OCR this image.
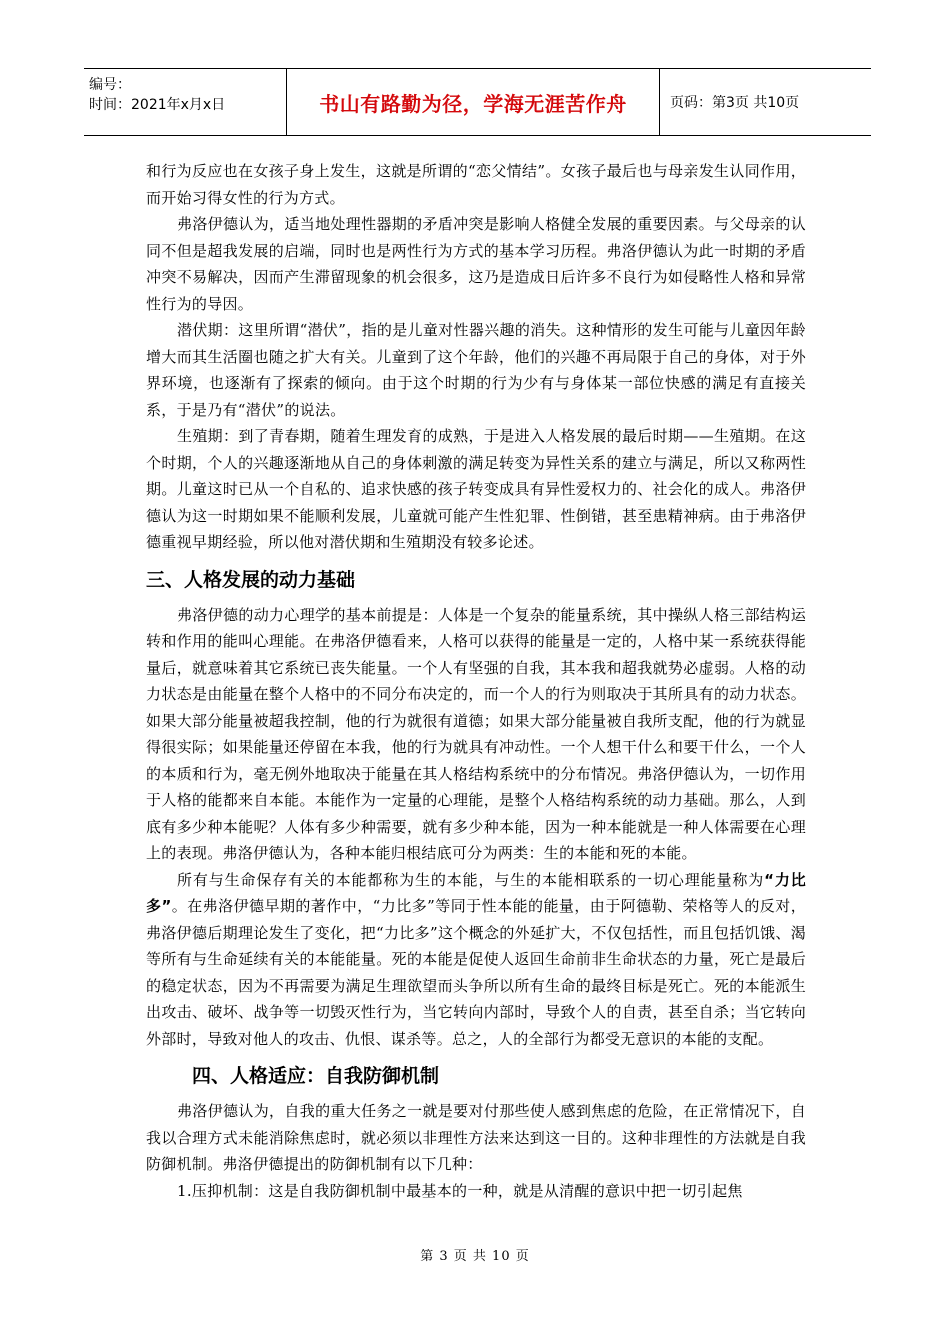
编号：
时间：2021年x月x日	书山有路勤为径，学海无涯苦作舟	页码：第3页 共10页

和行为反应也在女孩子身上发生，这就是所谓的“恋父情结”。女孩子最后也与母亲发生认同作用，而开始习得女性的行为方式。

弗洛伊德认为，适当地处理性器期的矛盾冲突是影响人格健全发展的重要因素。与父母亲的认同不但是超我发展的启端，同时也是两性行为方式的基本学习历程。弗洛伊德认为此一时期的矛盾冲突不易解决，因而产生滞留现象的机会很多，这乃是造成日后许多不良行为如侵略性人格和异常性行为的导因。

潜伏期：这里所谓“潜伏”，指的是儿童对性器兴趣的消失。这种情形的发生可能与儿童因年龄增大而其生活圈也随之扩大有关。儿童到了这个年龄，他们的兴趣不再局限于自己的身体，对于外界环境，也逐渐有了探索的倾向。由于这个时期的行为少有与身体某一部位快感的满足有直接关系，于是乃有“潜伏”的说法。

生殖期：到了青春期，随着生理发育的成熟，于是进入人格发展的最后时期——生殖期。在这个时期，个人的兴趣逐渐地从自己的身体刺激的满足转变为异性关系的建立与满足，所以又称两性期。儿童这时已从一个自私的、追求快感的孩子转变成具有异性爱权力的、社会化的成人。弗洛伊德认为这一时期如果不能顺利发展，儿童就可能产生性犯罪、性倒错，甚至患精神病。由于弗洛伊德重视早期经验，所以他对潜伏期和生殖期没有较多论述。

三、人格发展的动力基础

弗洛伊德的动力心理学的基本前提是：人体是一个复杂的能量系统，其中操纵人格三部结构运转和作用的能叫心理能。在弗洛伊德看来，人格可以获得的能量是一定的，人格中某一系统获得能量后，就意味着其它系统已丧失能量。一个人有坚强的自我，其本我和超我就势必虚弱。人格的动力状态是由能量在整个人格中的不同分布决定的，而一个人的行为则取决于其所具有的动力状态。如果大部分能量被超我控制，他的行为就很有道德；如果大部分能量被自我所支配，他的行为就显得很实际；如果能量还停留在本我，他的行为就具有冲动性。一个人想干什么和要干什么，一个人的本质和行为，毫无例外地取决于能量在其人格结构系统中的分布情况。弗洛伊德认为，一切作用于人格的能都来自本能。本能作为一定量的心理能，是整个人格结构系统的动力基础。那么，人到底有多少种本能呢？人体有多少种需要，就有多少种本能，因为一种本能就是一种人体需要在心理上的表现。弗洛伊德认为，各种本能归根结底可分为两类：生的本能和死的本能。

所有与生命保存有关的本能都称为生的本能，与生的本能相联系的一切心理能量称为“力比多”。在弗洛伊德早期的著作中，“力比多”等同于性本能的能量，由于阿德勒、荣格等人的反对，弗洛伊德后期理论发生了变化，把“力比多”这个概念的外延扩大，不仅包括性，而且包括饥饿、渴等所有与生命延续有关的本能能量。死的本能是促使人返回生命前非生命状态的力量，死亡是最后的稳定状态，因为不再需要为满足生理欲望而头争所以所有生命的最终目标是死亡。死的本能派生出攻击、破坏、战争等一切毁灭性行为，当它转向内部时，导致个人的自责，甚至自杀；当它转向外部时，导致对他人的攻击、仇恨、谋杀等。总之，人的全部行为都受无意识的本能的支配。

四、人格适应：自我防御机制

弗洛伊德认为，自我的重大任务之一就是要对付那些使人感到焦虑的危险，在正常情况下，自我以合理方式未能消除焦虑时，就必须以非理性方法来达到这一目的。这种非理性的方法就是自我防御机制。弗洛伊德提出的防御机制有以下几种：

1.压抑机制：这是自我防御机制中最基本的一种，就是从清醒的意识中把一切引起焦

第 3 页 共 10 页
